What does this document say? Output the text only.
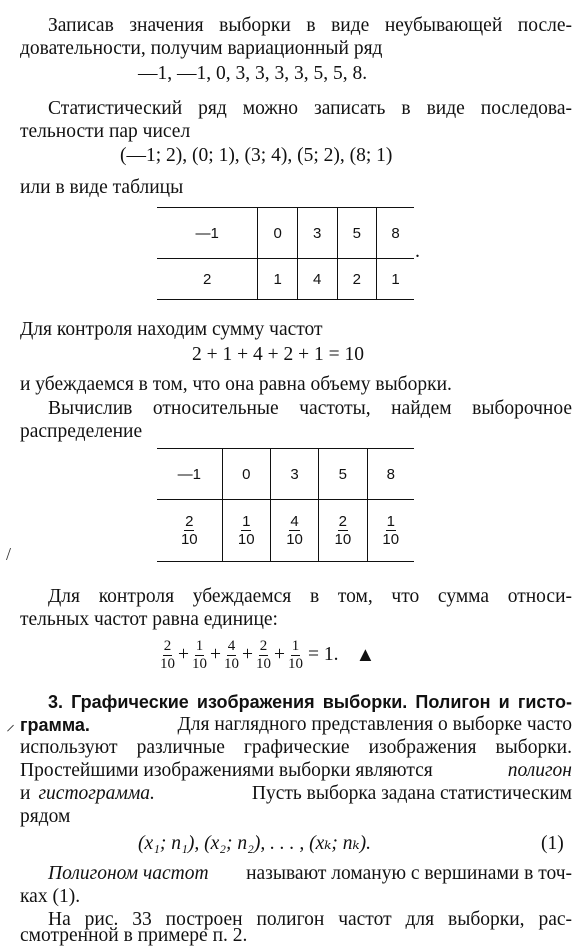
Записав значения выборки в виде неубывающей после-
довательности, получим вариационный ряд
—1, —1, 0, 3, 3, 3, 3, 5, 5, 8.
Статистический ряд можно записать в виде последова-
тельности пар чисел
(—1; 2), (0; 1), (3; 4), (5; 2), (8; 1)
или в виде таблицы
—1	0	3	5	8
2	1	4	2	1
.
Для контроля находим сумму частот
2 + 1 + 4 + 2 + 1 = 10
и убеждаемся в том, что она равна объему выборки.
Вычислив относительные частоты, найдем выборочное
распределение
—1	0	3	5	8

$\frac{2}{10}$	$\frac{1}{10}$	$\frac{4}{10}$	$\frac{2}{10}$	$\frac{1}{10}$
/
Для контроля убеждаемся в том, что сумма относи-
тельных частот равна единице:
$\frac{2}{10} + \frac{1}{10} + \frac{4}{10} + \frac{2}{10} + \frac{1}{10} = 1$. ▲
3. Графические изображения выборки. Полигон и гисто-
⸝ грамма.	Для наглядного представления о выборке часто
используют различные графические изображения выборки.
Простейшими изображениями выборки являются	полигон
и гистограмма.	Пусть выборка задана статистическим
рядом
(x₁; n₁), (x₂; n₂), . . . , (xₖ; nₖ).	(1)
Полигоном частот называют ломаную с вершинами в точ-
ках (1).
На рис. 33 построен полигон частот для выборки, рас-
смотренной в примере п. 2.
